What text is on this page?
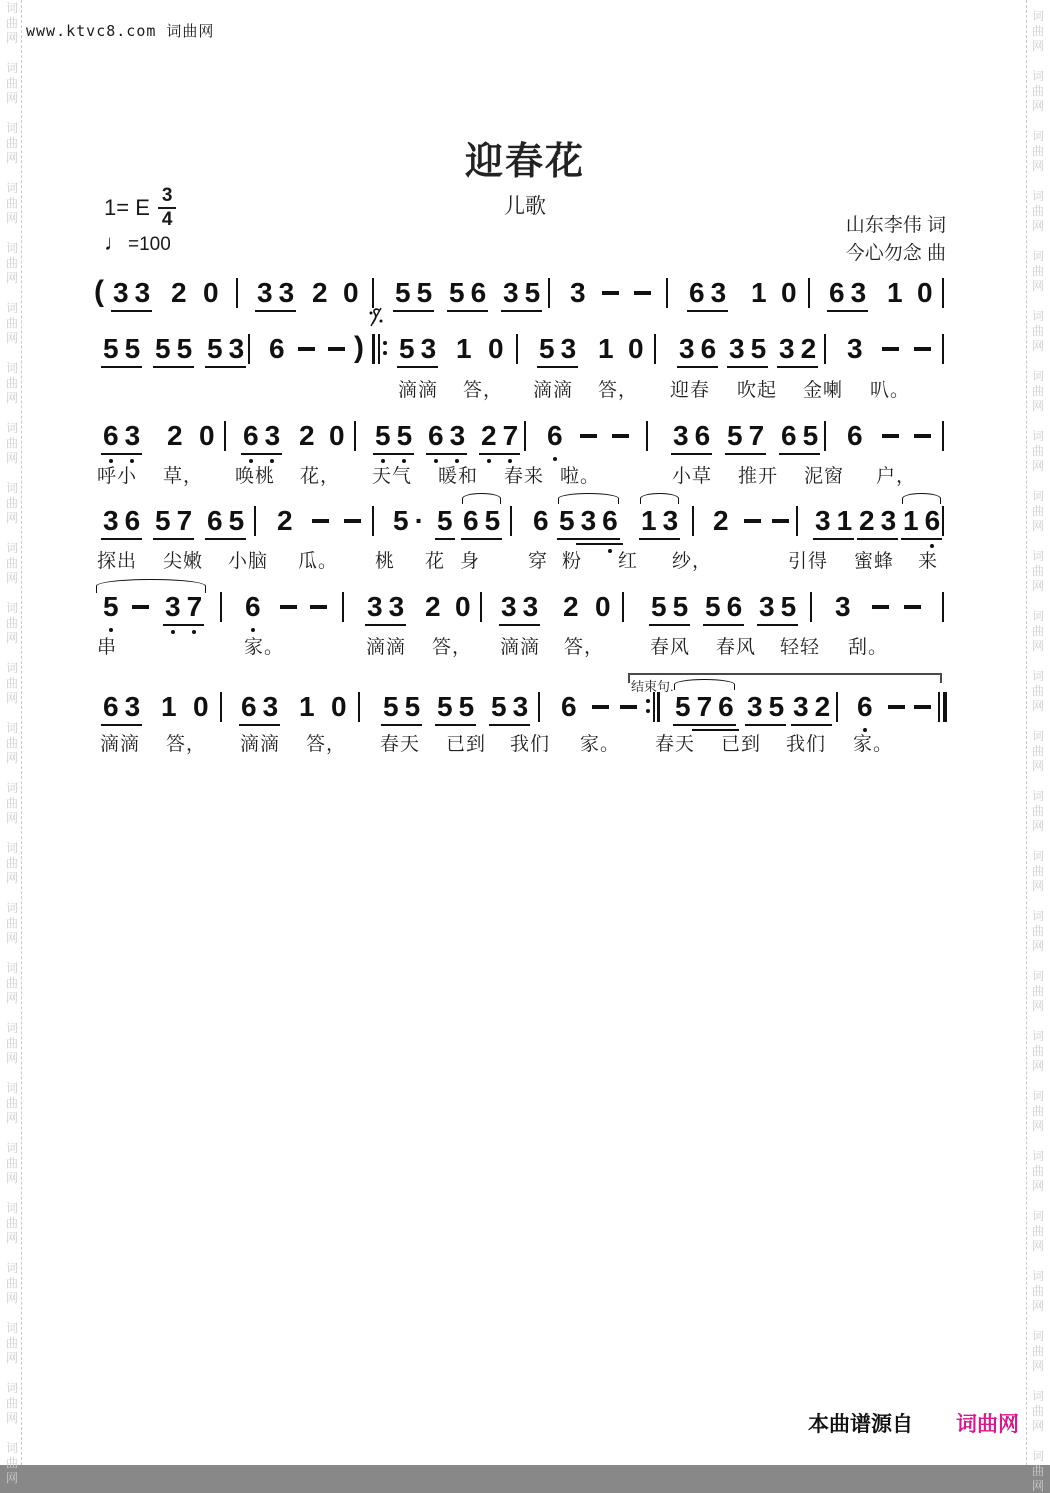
词
曲
网
词
曲
网
词
曲
网
词
曲
网
词
曲
网
词
曲
网
词
曲
网
词
曲
网
词
曲
网
词
曲
网
词
曲
网
词
曲
网
词
曲
网
词
曲
网
词
曲
网
词
曲
网
词
曲
网
词
曲
网
词
曲
网
词
曲
网
词
曲
网
词
曲
网
词
曲
网
词
曲
网
词
曲
网
词
曲
网
词
曲
网
词
曲
网
词
曲
网
词
曲
网
词
曲
网
词
曲
网
词
曲
网
词
曲
网
词
曲
网
词
曲
网
词
曲
网
词
曲
网
词
曲
网
词
曲
网
词
曲
网
词
曲
网
词
曲
网
词
曲
网
词
曲
网
词
曲
网
词
曲
网
词
曲
网
词
曲
网
词
曲
网
www.ktvc8.com 词曲网
迎春花
儿歌
1= E $\frac{3}{4}$
♩ =100
山东李伟 词
今心勿念 曲
( 3 3 2 0 3 3 2 0 5 5 5 6 3 5 3	6 3 1 0 6 3 1 0
5 5 5 5 5 3 6 ) 5 3 1 0 5 3 1 0 3 6 3 5 3 2 3
滴滴 答， 滴滴 答， 迎春 吹起 金喇 叭。
6 3 2 0 6 3 2 0 5 5 6 3 2 7 6	3 6 5 7 6 5 6
呼小 草， 唤桃 花， 天气 暖和 春来 啦。	小草 推开 泥窗 户，
3 6 5 7 6 5 2	5 · 5 6 5 6 5 3 6 1 3 2	3 1 2 3 1 6
探出 尖嫩 小脑 瓜。 桃 花 身	穿 粉 红 纱，	引得 蜜蜂 来
5 3 7 6	3 3 2 0 3 3 2 0 5 5 5 6 3 5 3
串	家。	滴滴 答， 滴滴 答， 春风 春风 轻轻 刮。
6 3 1 0 6 3 1 0 5 5 5 5 5 3 6	5 7 6 3 5 3 2 6
结束句.
滴滴 答， 滴滴 答， 春天 已到 我们 家。 春天 已到 我们 家。
本曲谱源自 词曲网
